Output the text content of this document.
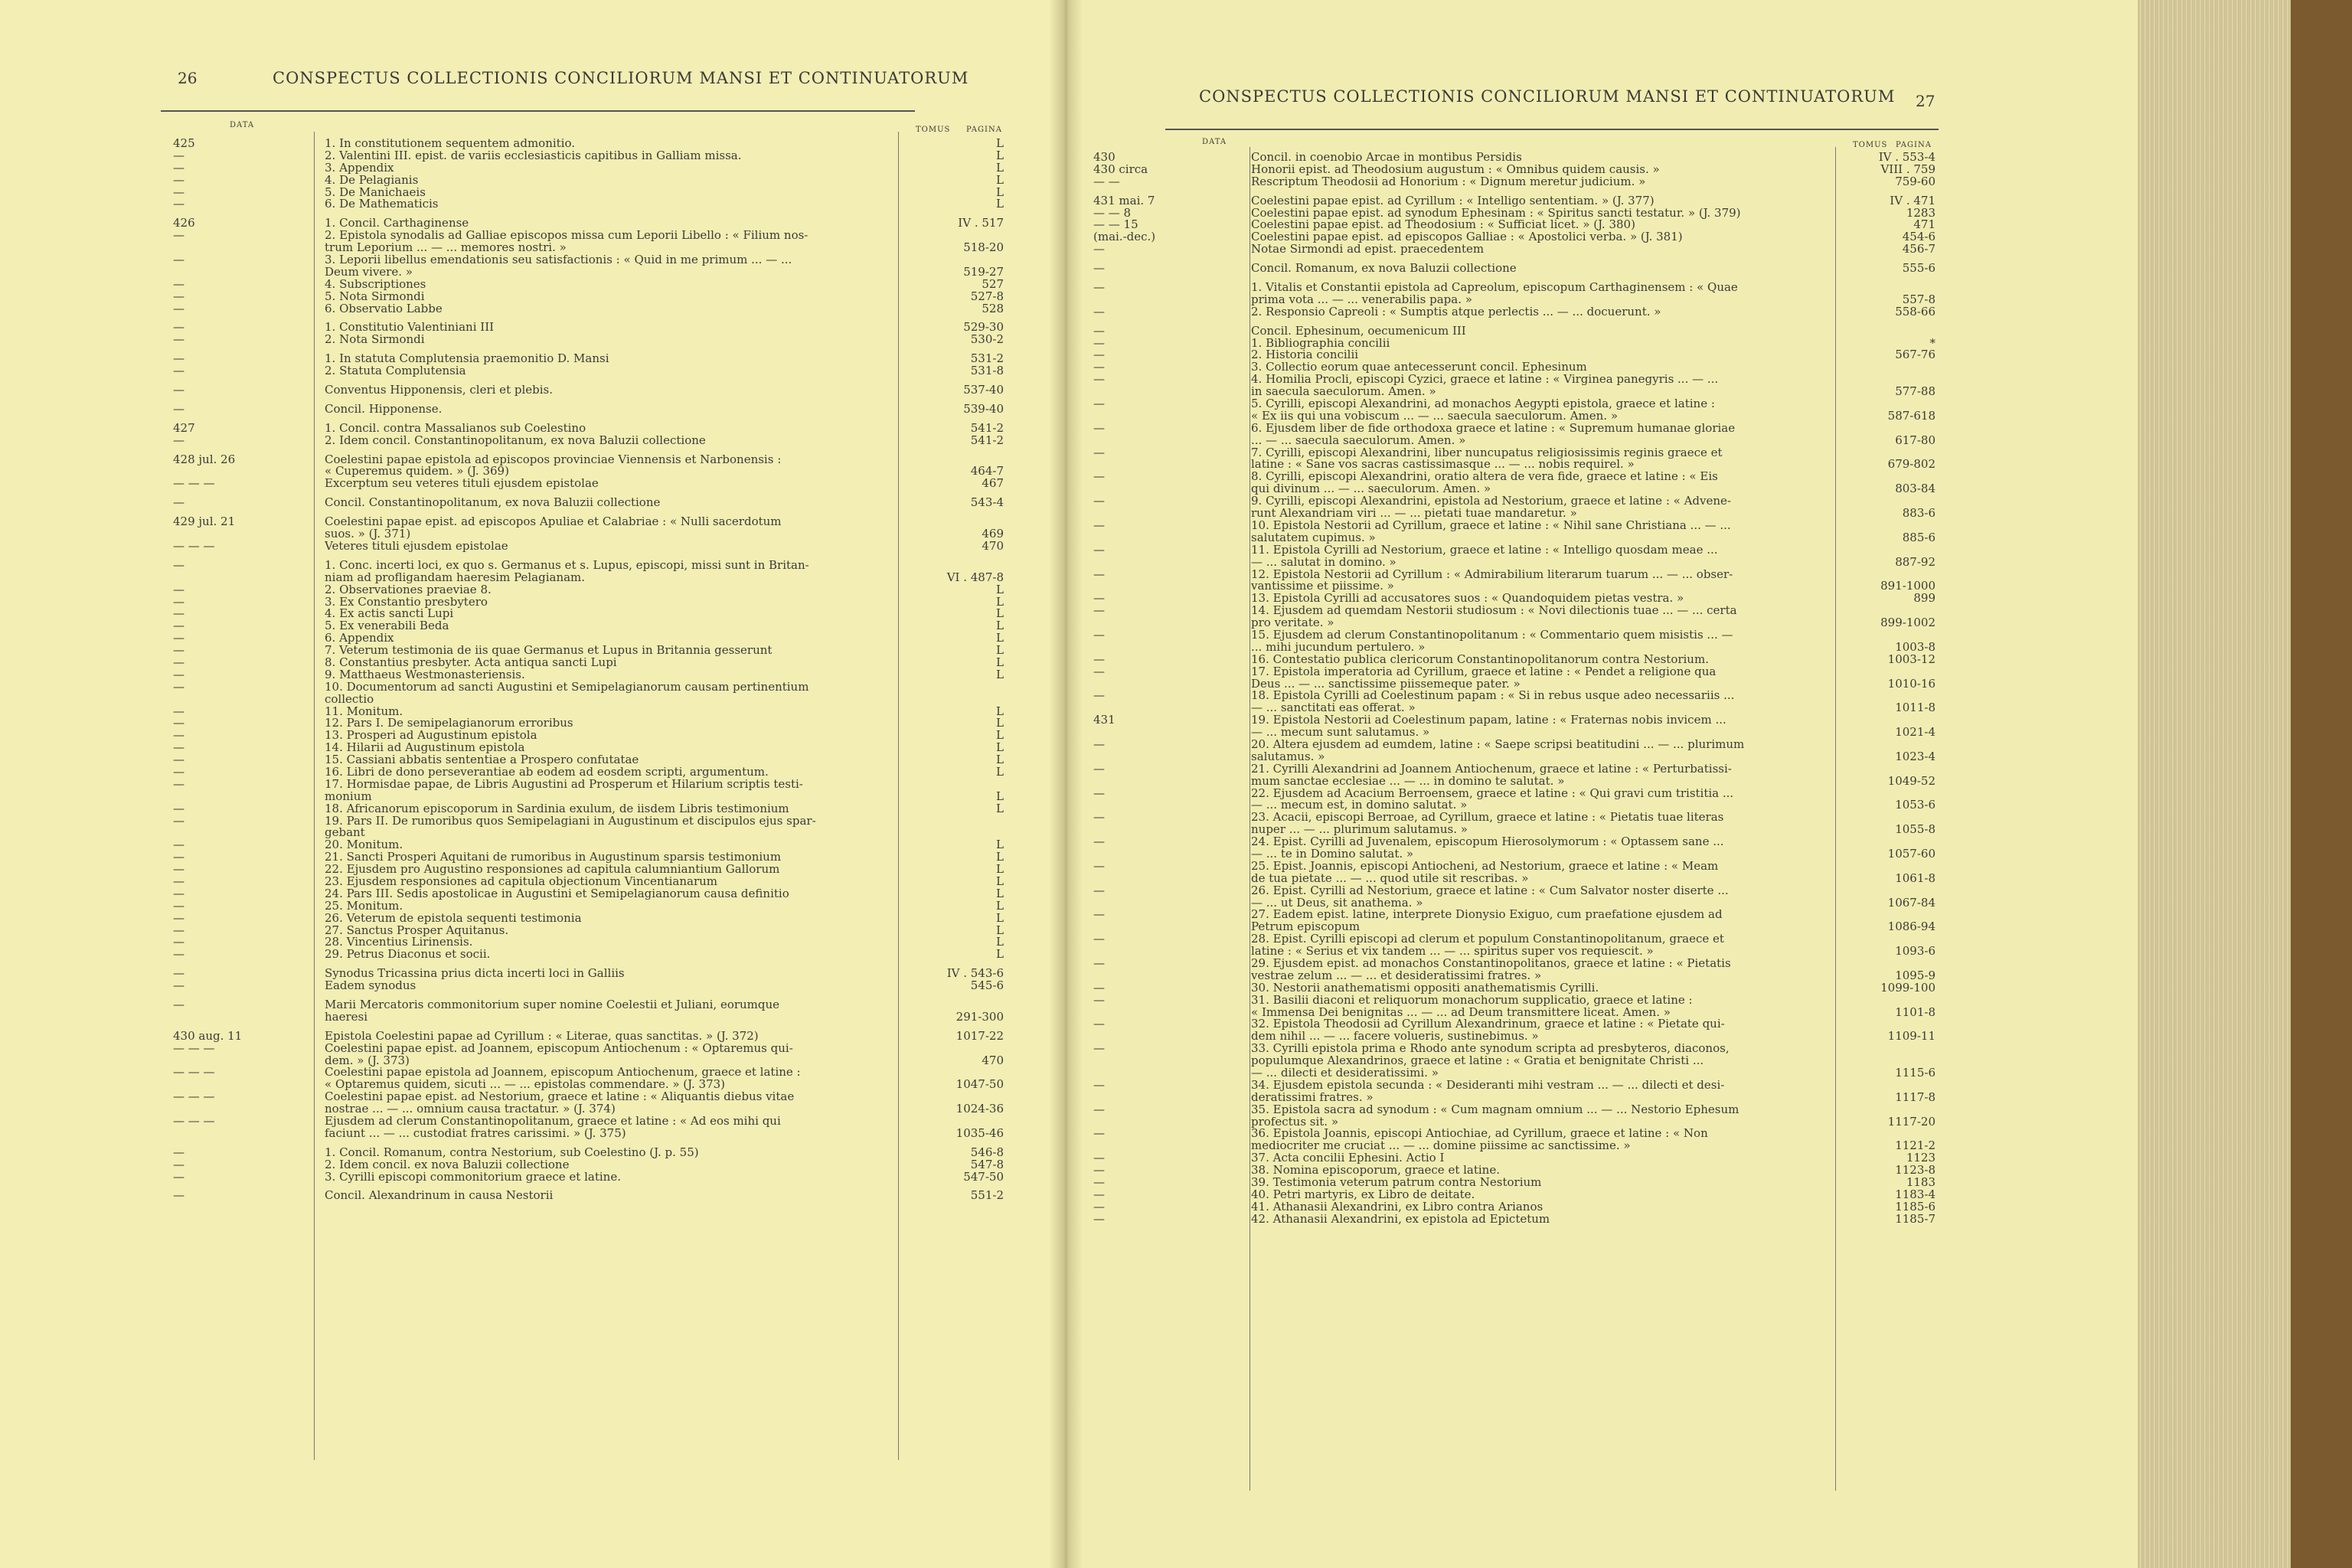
26	CONSPECTUS COLLECTIONIS CONCILIORUM MANSI ET CONTINUATORUM
DATA
TOMUS PAGINA
425
—
—
—
—
—
426
—
—
—
—
—
—
—
—
—
—
—
427
—
428 jul. 26
— — —
—
429 jul. 21
— — —
—
—
—
—
—
—
—
—
—
—
—
—
—
—
—
—
—
—
—
—
—
—
—
—
—
—
—
—
—
—
—
—
430 aug. 11
— — —
— — —
— — —
— — —
—
—
—
—
1. In constitutionem sequentem admonitio.
2. Valentini III. epist. de variis ecclesiasticis capitibus in Galliam missa.
3. Appendix
4. De Pelagianis
5. De Manichaeis
6. De Mathematicis
1. Concil. Carthaginense
2. Epistola synodalis ad Galliae episcopos missa cum Leporii Libello : « Filium nos-
trum Leporium ... — ... memores nostri. »
3. Leporii libellus emendationis seu satisfactionis : « Quid in me primum ... — ...
Deum vivere. »
4. Subscriptiones
5. Nota Sirmondi
6. Observatio Labbe
1. Constitutio Valentiniani III
2. Nota Sirmondi
1. In statuta Complutensia praemonitio D. Mansi
2. Statuta Complutensia
Conventus Hipponensis, cleri et plebis.
Concil. Hipponense.
1. Concil. contra Massalianos sub Coelestino
2. Idem concil. Constantinopolitanum, ex nova Baluzii collectione
Coelestini papae epistola ad episcopos provinciae Viennensis et Narbonensis :
« Cuperemus quidem. » (J. 369)
Excerptum seu veteres tituli ejusdem epistolae
Concil. Constantinopolitanum, ex nova Baluzii collectione
Coelestini papae epist. ad episcopos Apuliae et Calabriae : « Nulli sacerdotum
suos. » (J. 371)
Veteres tituli ejusdem epistolae
1. Conc. incerti loci, ex quo s. Germanus et s. Lupus, episcopi, missi sunt in Britan-
niam ad profligandam haeresim Pelagianam.
2. Observationes praeviae 8.
3. Ex Constantio presbytero
4. Ex actis sancti Lupi
5. Ex venerabili Beda
6. Appendix
7. Veterum testimonia de iis quae Germanus et Lupus in Britannia gesserunt
8. Constantius presbyter. Acta antiqua sancti Lupi
9. Matthaeus Westmonasteriensis.
10. Documentorum ad sancti Augustini et Semipelagianorum causam pertinentium
collectio
11. Monitum.
12. Pars I. De semipelagianorum erroribus
13. Prosperi ad Augustinum epistola
14. Hilarii ad Augustinum epistola
15. Cassiani abbatis sententiae a Prospero confutatae
16. Libri de dono perseverantiae ab eodem ad eosdem scripti, argumentum.
17. Hormisdae papae, de Libris Augustini ad Prosperum et Hilarium scriptis testi-
monium
18. Africanorum episcoporum in Sardinia exulum, de iisdem Libris testimonium
19. Pars II. De rumoribus quos Semipelagiani in Augustinum et discipulos ejus spar-
gebant
20. Monitum.
21. Sancti Prosperi Aquitani de rumoribus in Augustinum sparsis testimonium
22. Ejusdem pro Augustino responsiones ad capitula calumniantium Gallorum
23. Ejusdem responsiones ad capitula objectionum Vincentianarum
24. Pars III. Sedis apostolicae in Augustini et Semipelagianorum causa definitio
25. Monitum.
26. Veterum de epistola sequenti testimonia
27. Sanctus Prosper Aquitanus.
28. Vincentius Lirinensis.
29. Petrus Diaconus et socii.
Synodus Tricassina prius dicta incerti loci in Galliis
Eadem synodus
Marii Mercatoris commonitorium super nomine Coelestii et Juliani, eorumque
haeresi
Epistola Coelestini papae ad Cyrillum : « Literae, quas sanctitas. » (J. 372)
Coelestini papae epist. ad Joannem, episcopum Antiochenum : « Optaremus qui-
dem. » (J. 373)
Coelestini papae epistola ad Joannem, episcopum Antiochenum, graece et latine :
« Optaremus quidem, sicuti ... — ... epistolas commendare. » (J. 373)
Coelestini papae epist. ad Nestorium, graece et latine : « Aliquantis diebus vitae
nostrae ... — ... omnium causa tractatur. » (J. 374)
Ejusdem ad clerum Constantinopolitanum, graece et latine : « Ad eos mihi qui
faciunt ... — ... custodiat fratres carissimi. » (J. 375)
1. Concil. Romanum, contra Nestorium, sub Coelestino (J. p. 55)
2. Idem concil. ex nova Baluzii collectione
3. Cyrilli episcopi commonitorium graece et latine.
Concil. Alexandrinum in causa Nestorii
L
L
L
L
L
L
IV . 517
518-20
519-27
527
527-8
528
529-30
530-2
531-2
531-8
537-40
539-40
541-2
541-2
464-7
467
543-4
469
470
VI . 487-8
L
L
L
L
L
L
L
L
L
L
L
L
L
L
L
L
L
L
L
L
L
L
L
L
L
L
IV . 543-6
545-6
291-300
1017-22
470
1047-50
1024-36
1035-46
546-8
547-8
547-50
551-2
CONSPECTUS COLLECTIONIS CONCILIORUM MANSI ET CONTINUATORUM 27
DATA	TOMUS PAGINA
430
430 circa
— —
431 mai. 7
— — 8
— — 15
(mai.-dec.)
—
—
—
—
—
—
—
—
—
—
—
—
—
—
—
—
—
—
—
—
—
—
—
431
—
—
—
—
—
—
—
—
—
—
—
—
—
—
—
—
—
—
—
—
—
—
—
Concil. in coenobio Arcae in montibus Persidis
Honorii epist. ad Theodosium augustum : « Omnibus quidem causis. »
Rescriptum Theodosii ad Honorium : « Dignum meretur judicium. »
Coelestini papae epist. ad Cyrillum : « Intelligo sententiam. » (J. 377)
Coelestini papae epist. ad synodum Ephesinam : « Spiritus sancti testatur. » (J. 379)
Coelestini papae epist. ad Theodosium : « Sufficiat licet. » (J. 380)
Coelestini papae epist. ad episcopos Galliae : « Apostolici verba. » (J. 381)
Notae Sirmondi ad epist. praecedentem
Concil. Romanum, ex nova Baluzii collectione
1. Vitalis et Constantii epistola ad Capreolum, episcopum Carthaginensem : « Quae
prima vota ... — ... venerabilis papa. »
2. Responsio Capreoli : « Sumptis atque perlectis ... — ... docuerunt. »
Concil. Ephesinum, oecumenicum III
1. Bibliographia concilii
2. Historia concilii
3. Collectio eorum quae antecesserunt concil. Ephesinum
4. Homilia Procli, episcopi Cyzici, graece et latine : « Virginea panegyris ... — ...
in saecula saeculorum. Amen. »
5. Cyrilli, episcopi Alexandrini, ad monachos Aegypti epistola, graece et latine :
« Ex iis qui una vobiscum ... — ... saecula saeculorum. Amen. »
6. Ejusdem liber de fide orthodoxa graece et latine : « Supremum humanae gloriae
... — ... saecula saeculorum. Amen. »
7. Cyrilli, episcopi Alexandrini, liber nuncupatus religiosissimis reginis graece et
latine : « Sane vos sacras castissimasque ... — ... nobis requirel. »
8. Cyrilli, episcopi Alexandrini, oratio altera de vera fide, graece et latine : « Eis
qui divinum ... — ... saeculorum. Amen. »
9. Cyrilli, episcopi Alexandrini, epistola ad Nestorium, graece et latine : « Advene-
runt Alexandriam viri ... — ... pietati tuae mandaretur. »
10. Epistola Nestorii ad Cyrillum, graece et latine : « Nihil sane Christiana ... — ...
salutatem cupimus. »
11. Epistola Cyrilli ad Nestorium, graece et latine : « Intelligo quosdam meae ...
— ... salutat in domino. »
12. Epistola Nestorii ad Cyrillum : « Admirabilium literarum tuarum ... — ... obser-
vantissime et piissime. »
13. Epistola Cyrilli ad accusatores suos : « Quandoquidem pietas vestra. »
14. Ejusdem ad quemdam Nestorii studiosum : « Novi dilectionis tuae ... — ... certa
pro veritate. »
15. Ejusdem ad clerum Constantinopolitanum : « Commentario quem misistis ... —
... mihi jucundum pertulero. »
16. Contestatio publica clericorum Constantinopolitanorum contra Nestorium.
17. Epistola imperatoria ad Cyrillum, graece et latine : « Pendet a religione qua
Deus ... — ... sanctissime piissemeque pater. »
18. Epistola Cyrilli ad Coelestinum papam : « Si in rebus usque adeo necessariis ...
— ... sanctitati eas offerat. »
19. Epistola Nestorii ad Coelestinum papam, latine : « Fraternas nobis invicem ...
— ... mecum sunt salutamus. »
20. Altera ejusdem ad eumdem, latine : « Saepe scripsi beatitudini ... — ... plurimum
salutamus. »
21. Cyrilli Alexandrini ad Joannem Antiochenum, graece et latine : « Perturbatissi-
mum sanctae ecclesiae ... — ... in domino te salutat. »
22. Ejusdem ad Acacium Berroensem, graece et latine : « Qui gravi cum tristitia ...
— ... mecum est, in domino salutat. »
23. Acacii, episcopi Berroae, ad Cyrillum, graece et latine : « Pietatis tuae literas
nuper ... — ... plurimum salutamus. »
24. Epist. Cyrilli ad Juvenalem, episcopum Hierosolymorum : « Optassem sane ...
— ... te in Domino salutat. »
25. Epist. Joannis, episcopi Antiocheni, ad Nestorium, graece et latine : « Meam
de tua pietate ... — ... quod utile sit rescribas. »
26. Epist. Cyrilli ad Nestorium, graece et latine : « Cum Salvator noster diserte ...
— ... ut Deus, sit anathema. »
27. Eadem epist. latine, interprete Dionysio Exiguo, cum praefatione ejusdem ad
Petrum episcopum
28. Epist. Cyrilli episcopi ad clerum et populum Constantinopolitanum, graece et
latine : « Serius et vix tandem ... — ... spiritus super vos requiescit. »
29. Ejusdem epist. ad monachos Constantinopolitanos, graece et latine : « Pietatis
vestrae zelum ... — ... et desideratissimi fratres. »
30. Nestorii anathematismi oppositi anathematismis Cyrilli.
31. Basilii diaconi et reliquorum monachorum supplicatio, graece et latine :
« Immensa Dei benignitas ... — ... ad Deum transmittere liceat. Amen. »
32. Epistola Theodosii ad Cyrillum Alexandrinum, graece et latine : « Pietate qui-
dem nihil ... — ... facere volueris, sustinebimus. »
33. Cyrilli epistola prima e Rhodo ante synodum scripta ad presbyteros, diaconos,
populumque Alexandrinos, graece et latine : « Gratia et benignitate Christi ...
— ... dilecti et desideratissimi. »
34. Ejusdem epistola secunda : « Desideranti mihi vestram ... — ... dilecti et desi-
deratissimi fratres. »
35. Epistola sacra ad synodum : « Cum magnam omnium ... — ... Nestorio Ephesum
profectus sit. »
36. Epistola Joannis, episcopi Antiochiae, ad Cyrillum, graece et latine : « Non
mediocriter me cruciat ... — ... domine piissime ac sanctissime. »
37. Acta concilii Ephesini. Actio I
38. Nomina episcoporum, graece et latine.
39. Testimonia veterum patrum contra Nestorium
40. Petri martyris, ex Libro de deitate.
41. Athanasii Alexandrini, ex Libro contra Arianos
42. Athanasii Alexandrini, ex epistola ad Epictetum
IV . 553-4
VIII . 759
759-60
IV . 471
1283
471
454-6
456-7
555-6
557-8
558-66
*
567-76
577-88
587-618
617-80
679-802
803-84
883-6
885-6
887-92
891-1000
899
899-1002
1003-8
1003-12
1010-16
1011-8
1021-4
1023-4
1049-52
1053-6
1055-8
1057-60
1061-8
1067-84
1086-94
1093-6
1095-9
1099-100
1101-8
1109-11
1115-6
1117-8
1117-20
1121-2
1123
1123-8
1183
1183-4
1185-6
1185-7
